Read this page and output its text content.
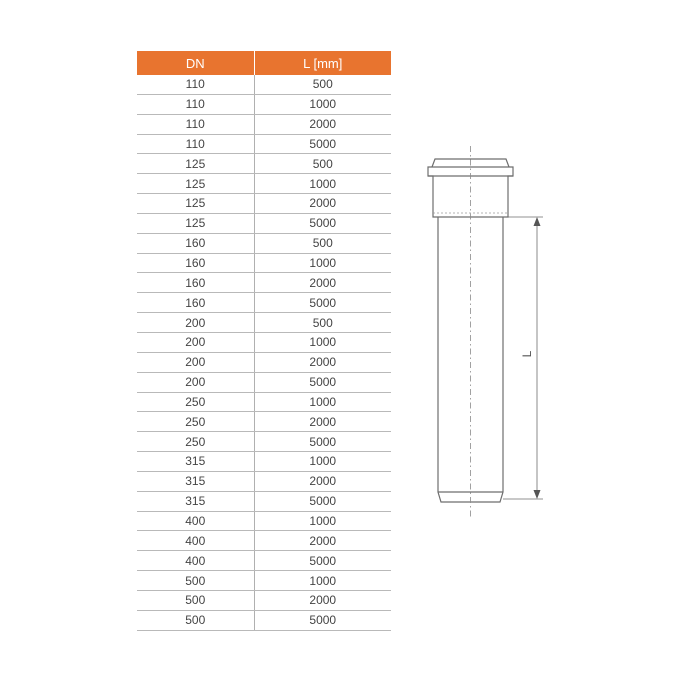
DN	L [mm]
110	500
110	1000
110	2000
110	5000
125	500
125	1000
125	2000
125	5000
160	500
160	1000
160	2000
160	5000
200	500
200	1000
200	2000
200	5000
250	1000
250	2000
250	5000
315	1000
315	2000
315	5000
400	1000
400	2000
400	5000
500	1000
500	2000
500	5000
L
